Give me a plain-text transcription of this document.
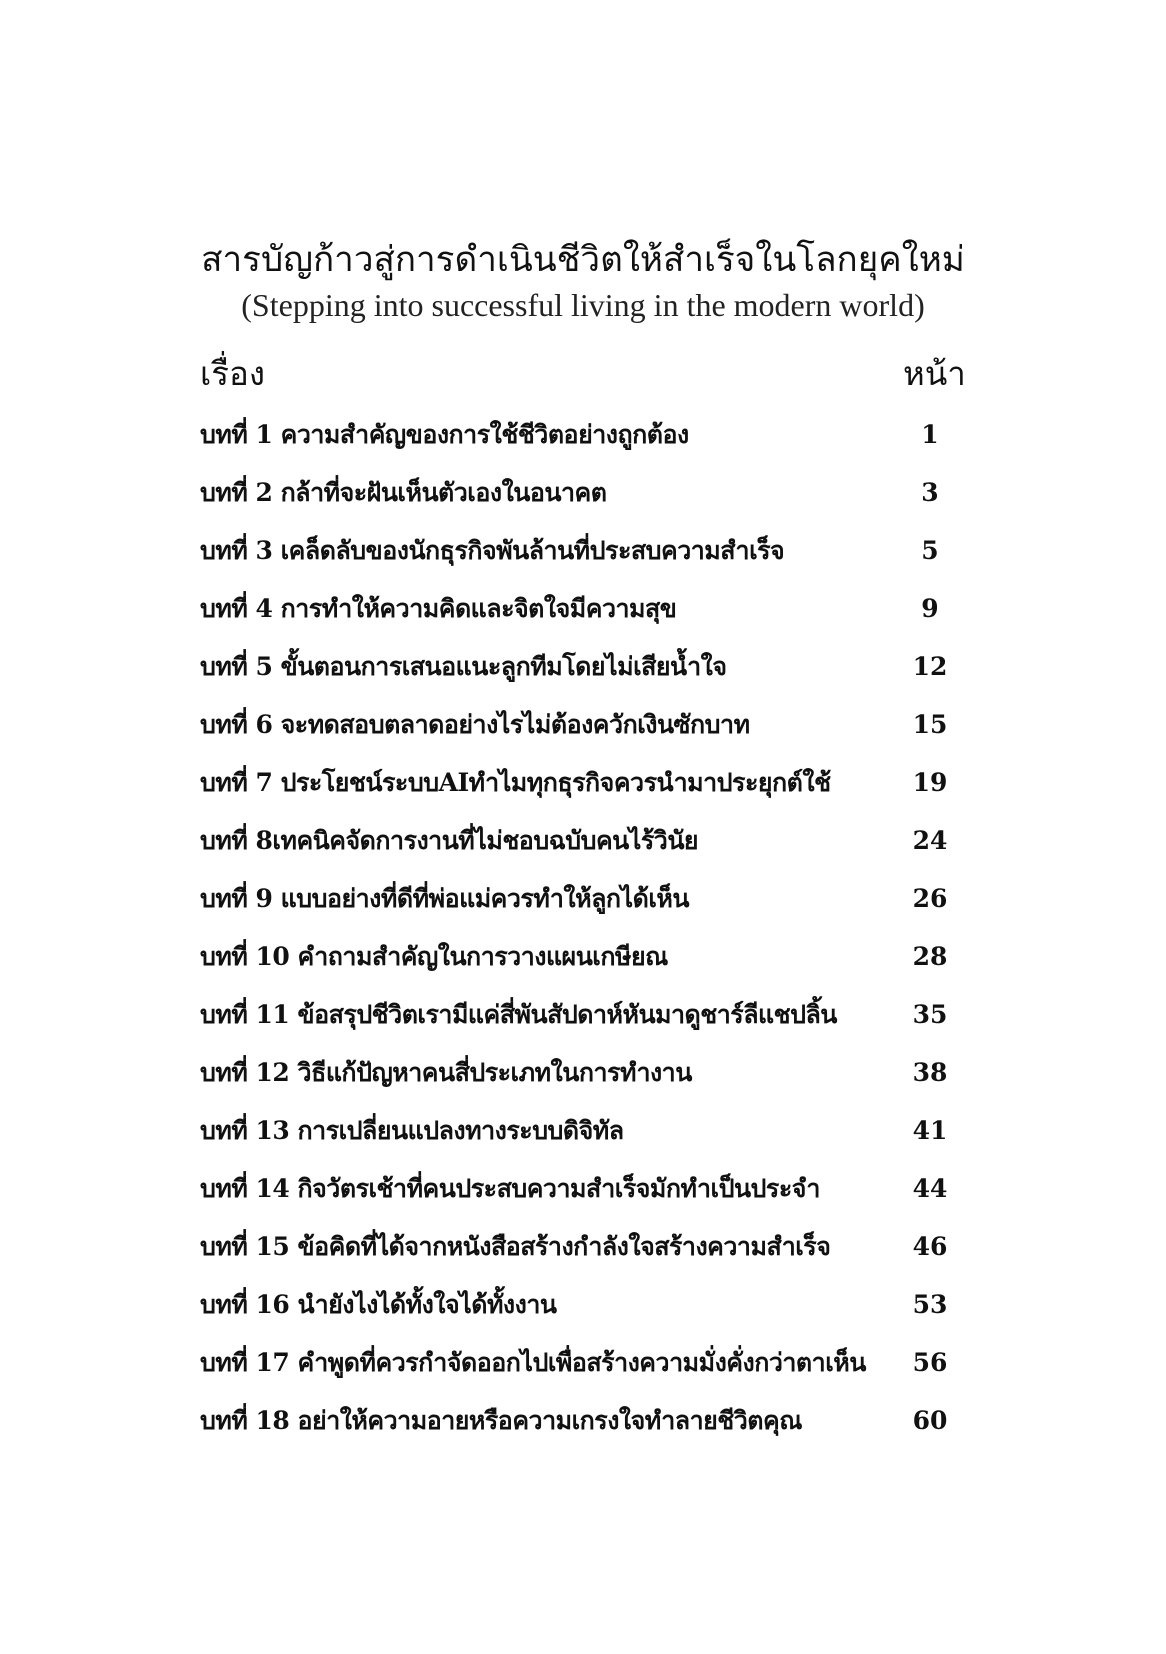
สารบัญก้าวสู่การดำเนินชีวิตให้สำเร็จในโลกยุคใหม่
(Stepping into successful living in the modern world)
เรื่อง	หน้า
บทที่ 1 ความสำคัญของการใช้ชีวิตอย่างถูกต้อง	1
บทที่ 2 กล้าที่จะฝันเห็นตัวเองในอนาคต	3
บทที่ 3 เคล็ดลับของนักธุรกิจพันล้านที่ประสบความสำเร็จ	5
บทที่ 4 การทำให้ความคิดและจิตใจมีความสุข	9
บทที่ 5 ขั้นตอนการเสนอแนะลูกทีมโดยไม่เสียน้ำใจ	12
บทที่ 6 จะทดสอบตลาดอย่างไรไม่ต้องควักเงินซักบาท	15
บทที่ 7 ประโยชน์ระบบAIทำไมทุกธุรกิจควรนำมาประยุกต์ใช้	19
บทที่ 8เทคนิคจัดการงานที่ไม่ชอบฉบับคนไร้วินัย	24
บทที่ 9 แบบอย่างที่ดีที่พ่อแม่ควรทำให้ลูกได้เห็น	26
บทที่ 10 คำถามสำคัญในการวางแผนเกษียณ	28
บทที่ 11 ข้อสรุปชีวิตเรามีแค่สี่พันสัปดาห์หันมาดูชาร์ลีแชปลิ้น	35
บทที่ 12 วิธีแก้ปัญหาคนสี่ประเภทในการทำงาน	38
บทที่ 13 การเปลี่ยนแปลงทางระบบดิจิทัล	41
บทที่ 14 กิจวัตรเช้าที่คนประสบความสำเร็จมักทำเป็นประจำ	44
บทที่ 15 ข้อคิดที่ได้จากหนังสือสร้างกำลังใจสร้างความสำเร็จ	46
บทที่ 16 นำยังไงได้ทั้งใจได้ทั้งงาน	53
บทที่ 17 คำพูดที่ควรกำจัดออกไปเพื่อสร้างความมั่งคั่งกว่าตาเห็น	56
บทที่ 18 อย่าให้ความอายหรือความเกรงใจทำลายชีวิตคุณ	60
